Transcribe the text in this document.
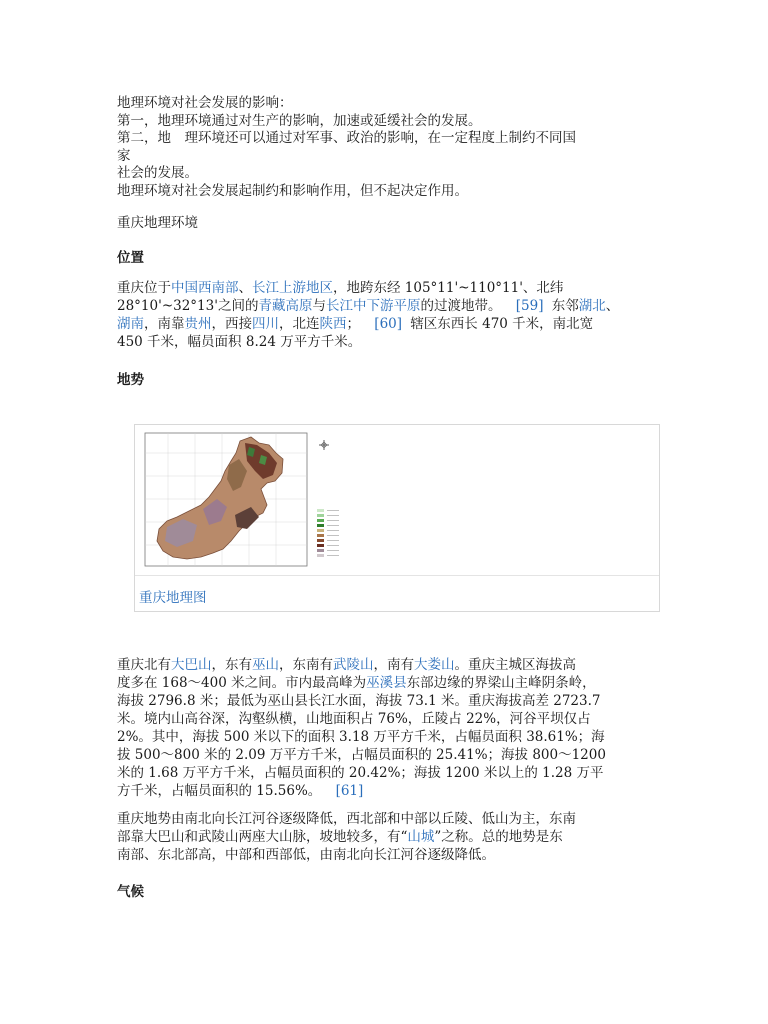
地理环境对社会发展的影响：
第一，地理环境通过对生产的影响，加速或延缓社会的发展。
第二，地　理环境还可以通过对军事、政治的影响，在一定程度上制约不同国
家
社会的发展。
地理环境对社会发展起制约和影响作用，但不起决定作用。
重庆地理环境
位置
重庆位于中国西南部、长江上游地区，地跨东经 105°11'~110°11'、北纬
28°10'~32°13'之间的青藏高原与长江中下游平原的过渡地带。 [59] 东邻湖北、
湖南，南靠贵州，西接四川，北连陕西； [60] 辖区东西长 470 千米，南北宽
450 千米，幅员面积 8.24 万平方千米。
地势
重庆地理图
重庆北有大巴山，东有巫山，东南有武陵山，南有大娄山。重庆主城区海拔高
度多在 168～400 米之间。市内最高峰为巫溪县东部边缘的界梁山主峰阴条岭，
海拔 2796.8 米；最低为巫山县长江水面，海拔 73.1 米。重庆海拔高差 2723.7
米。境内山高谷深，沟壑纵横，山地面积占 76%，丘陵占 22%，河谷平坝仅占
2%。其中，海拔 500 米以下的面积 3.18 万平方千米，占幅员面积 38.61%；海
拔 500～800 米的 2.09 万平方千米，占幅员面积的 25.41%；海拔 800～1200
米的 1.68 万平方千米，占幅员面积的 20.42%；海拔 1200 米以上的 1.28 万平
方千米，占幅员面积的 15.56%。 [61]
重庆地势由南北向长江河谷逐级降低，西北部和中部以丘陵、低山为主，东南
部靠大巴山和武陵山两座大山脉，坡地较多，有“山城”之称。总的地势是东
南部、东北部高，中部和西部低，由南北向长江河谷逐级降低。
气候
